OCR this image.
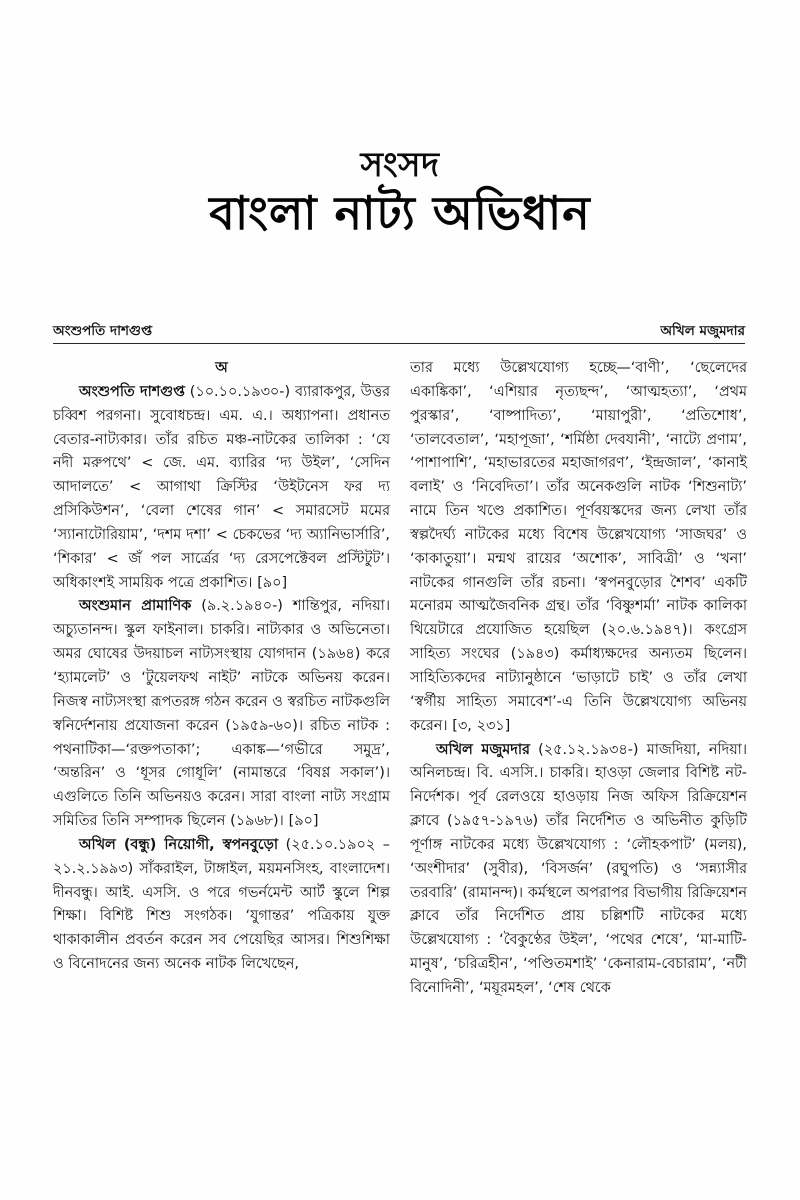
সংসদ
বাংলা নাট্য অভিধান
অংশুপতি দাশগুপ্ত	অখিল মজুমদার

অ

অংশুপতি দাশগুপ্ত (১০.১০.১৯৩০-) ব্যারাকপুর, উত্তর চব্বিশ পরগনা। সুবোধচন্দ্র। এম. এ.। অধ্যাপনা। প্রধানত বেতার-নাট্যকার। তাঁর রচিত মঞ্চ-নাটকের তালিকা : ‘যে নদী মরুপথে’ < জে. এম. ব্যারির ‘দ্য উইল’, ‘সেদিন আদালতে’ < আগাথা ক্রিস্টির ‘উইটনেস ফর দ্য প্রসিকিউশন’, ‘বেলা শেষের গান’ < সমারসেট মমের ‘স্যানাটোরিয়াম’, ‘দশম দশা’ < চেকভের ‘দ্য অ্যানিভার্সারি’, ‘শিকার’ < জঁ পল সার্ত্রের ‘দ্য রেসপেক্টেবল প্রস্টিটুট’। অধিকাংশই সাময়িক পত্রে প্রকাশিত। [৯০]

অংশুমান প্রামাণিক (৯.২.১৯৪০-) শান্তিপুর, নদিয়া। অচ্যুতানন্দ। স্কুল ফাইনাল। চাকরি। নাট্যকার ও অভিনেতা। অমর ঘোষের উদয়াচল নাট্যসংস্থায় যোগদান (১৯৬৪) করে ‘হ্যামলেট’ ও ‘টুয়েলফথ নাইট’ নাটকে অভিনয় করেন। নিজস্ব নাট্যসংস্থা রূপতরঙ্গ গঠন করেন ও স্বরচিত নাটকগুলি স্বনির্দেশনায় প্রযোজনা করেন (১৯৫৯-৬০)। রচিত নাটক : পথনাটিকা—‘রক্তপতাকা’; একাঙ্ক—‘গভীরে সমুদ্র’, ‘অন্তরিন’ ও ‘ধূসর গোধূলি’ (নামান্তরে ‘বিষণ্ণ সকাল’)। এগুলিতে তিনি অভিনয়ও করেন। সারা বাংলা নাট্য সংগ্রাম সমিতির তিনি সম্পাদক ছিলেন (১৯৬৮)। [৯০]

অখিল (বন্ধু) নিয়োগী, স্বপনবুড়ো (২৫.১০.১৯০২ – ২১.২.১৯৯৩) সাঁকরাইল, টাঙ্গাইল, ময়মনসিংহ, বাংলাদেশ। দীনবন্ধু। আই. এসসি. ও পরে গভর্নমেন্ট আর্ট স্কুলে শিল্প শিক্ষা। বিশিষ্ট শিশু সংগঠক। ‘যুগান্তর’ পত্রিকায় যুক্ত থাকাকালীন প্রবর্তন করেন সব পেয়েছির আসর। শিশুশিক্ষা ও বিনোদনের জন্য অনেক নাটক লিখেছেন,

তার মধ্যে উল্লেখযোগ্য হচ্ছে—‘বাণী’, ‘ছেলেদের একাঙ্কিকা’, ‘এশিয়ার নৃত্যছন্দ’, ‘আত্মহত্যা’, ‘প্রথম পুরস্কার’, ‘বাষ্পাদিত্য’, ‘মায়াপুরী’, ‘প্রতিশোধ’, ‘তালবেতাল’, ‘মহাপূজা’, ‘শর্মিষ্ঠা দেবযানী’, ‘নাট্যে প্রণাম’, ‘পাশাপাশি’, ‘মহাভারতের মহাজাগরণ’, ‘ইন্দ্রজাল’, ‘কানাই বলাই’ ও ‘নিবেদিতা’। তাঁর অনেকগুলি নাটক ‘শিশুনাট্য’ নামে তিন খণ্ডে প্রকাশিত। পূর্ণবয়স্কদের জন্য লেখা তাঁর স্বল্পদৈর্ঘ্য নাটকের মধ্যে বিশেষ উল্লেখযোগ্য ‘সাজঘর’ ও ‘কাকাতুয়া’। মন্মথ রায়ের ‘অশোক’, সাবিত্রী’ ও ‘খনা’ নাটকের গানগুলি তাঁর রচনা। ‘স্বপনবুড়োর শৈশব’ একটি মনোরম আত্মজৈবনিক গ্রন্থ। তাঁর ‘বিষ্ণুশর্মা’ নাটক কালিকা থিয়েটারে প্রযোজিত হয়েছিল (২০.৬.১৯৪৭)। কংগ্রেস সাহিত্য সংঘের (১৯৪৩) কর্মাধ্যক্ষদের অন্যতম ছিলেন। সাহিত্যিকদের নাট্যানুষ্ঠানে ‘ভাড়াটে চাই’ ও তাঁর লেখা ‘স্বর্গীয় সাহিত্য সমাবেশ’-এ তিনি উল্লেখযোগ্য অভিনয় করেন। [৩, ২৩১]

অখিল মজুমদার (২৫.১২.১৯৩৪-) মাজদিয়া, নদিয়া। অনিলচন্দ্র। বি. এসসি.। চাকরি। হাওড়া জেলার বিশিষ্ট নট-নির্দেশক। পূর্ব রেলওয়ে হাওড়ায় নিজ অফিস রিক্রিয়েশন ক্লাবে (১৯৫৭-১৯৭৬) তাঁর নির্দেশিত ও অভিনীত কুড়িটি পূর্ণাঙ্গ নাটকের মধ্যে উল্লেখযোগ্য : ‘লৌহকপাট’ (মলয়), ‘অংশীদার’ (সুবীর), ‘বিসর্জন’ (রঘুপতি) ও ‘সন্ন্যাসীর তরবারি’ (রামানন্দ)। কর্মস্থলে অপরাপর বিভাগীয় রিক্রিয়েশন ক্লাবে তাঁর নির্দেশিত প্রায় চল্লিশটি নাটকের মধ্যে উল্লেখযোগ্য : ‘বৈকুণ্ঠের উইল’, ‘পথের শেষে’, ‘মা-মাটি-মানুষ’, ‘চরিত্রহীন’, ‘পণ্ডিতমশাই’ ‘কেনারাম-বেচারাম’, ‘নটী বিনোদিনী’, ‘ময়ূরমহল’, ‘শেষ থেকে
